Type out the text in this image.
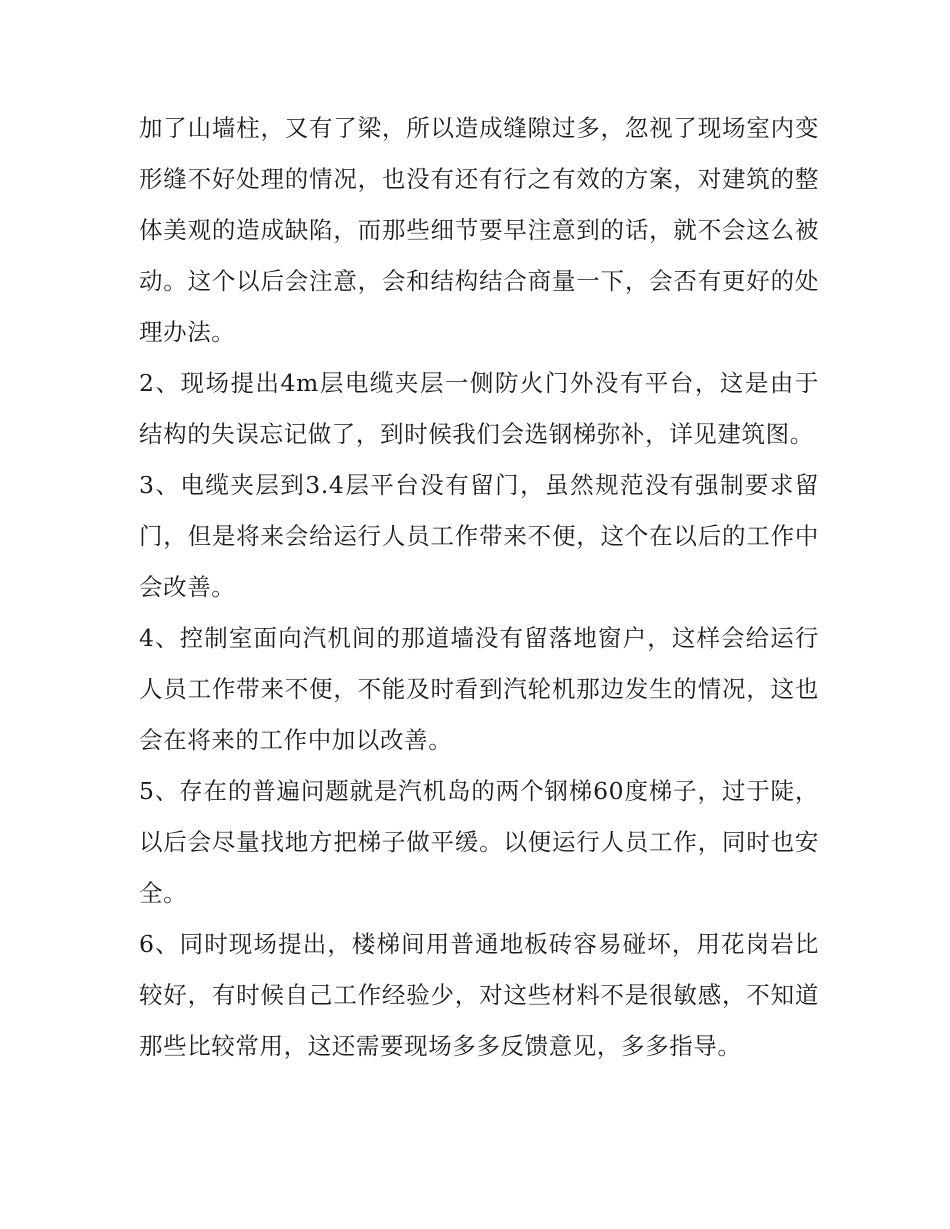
加了山墙柱，又有了梁，所以造成缝隙过多，忽视了现场室内变形缝不好处理的情况，也没有还有行之有效的方案，对建筑的整体美观的造成缺陷，而那些细节要早注意到的话，就不会这么被动。这个以后会注意，会和结构结合商量一下，会否有更好的处理办法。

2、现场提出4m层电缆夹层一侧防火门外没有平台，这是由于结构的失误忘记做了，到时候我们会选钢梯弥补，详见建筑图。

3、电缆夹层到3.4层平台没有留门，虽然规范没有强制要求留门，但是将来会给运行人员工作带来不便，这个在以后的工作中会改善。

4、控制室面向汽机间的那道墙没有留落地窗户，这样会给运行人员工作带来不便，不能及时看到汽轮机那边发生的情况，这也会在将来的工作中加以改善。

5、存在的普遍问题就是汽机岛的两个钢梯60度梯子，过于陡，以后会尽量找地方把梯子做平缓。以便运行人员工作，同时也安全。

6、同时现场提出，楼梯间用普通地板砖容易碰坏，用花岗岩比较好，有时候自己工作经验少，对这些材料不是很敏感，不知道那些比较常用，这还需要现场多多反馈意见，多多指导。
